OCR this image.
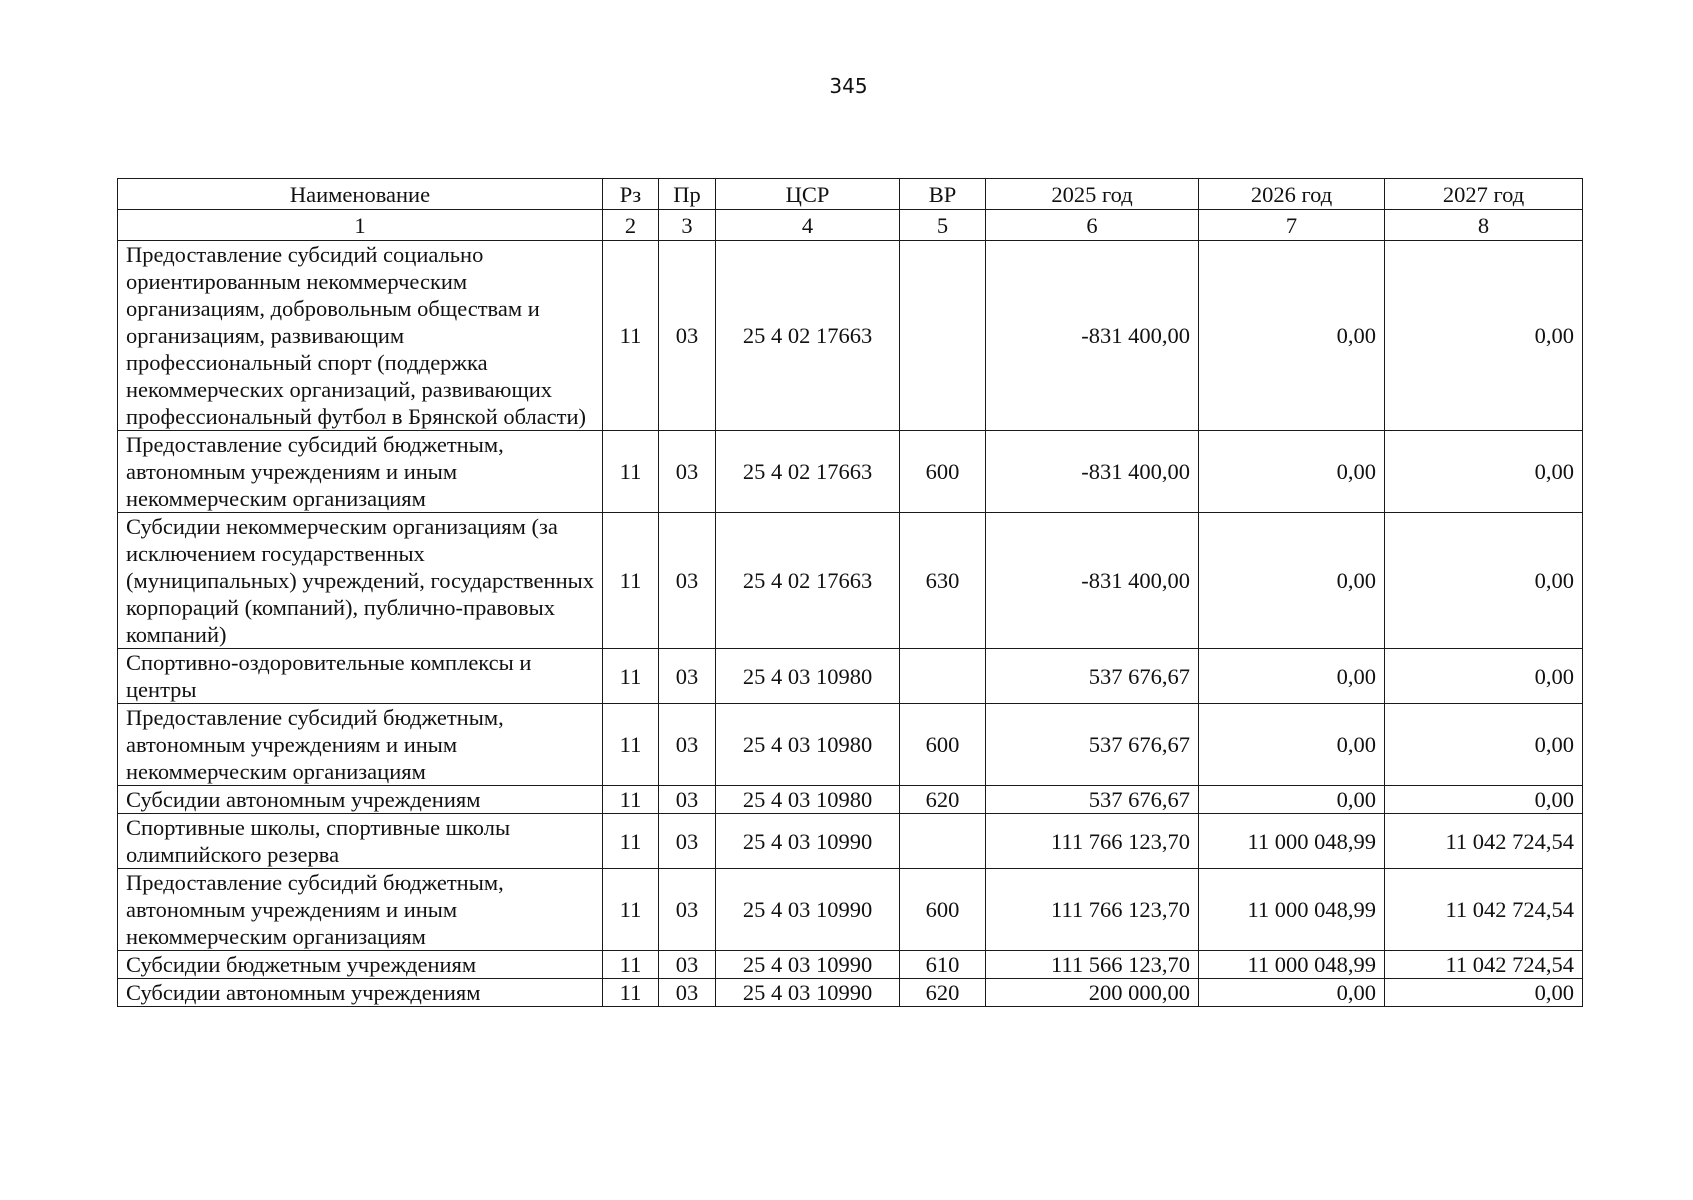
345
Наименование	Рз	Пр	ЦСР	ВР	2025 год	2026 год	2027 год
1	2	3	4	5	6	7	8
Предоставление субсидий социально ориентированным некоммерческим организациям, добровольным обществам и организациям, развивающим профессиональный спорт (поддержка некоммерческих организаций, развивающих профессиональный футбол в Брянской области)	11	03	25 4 02 17663		-831 400,00	0,00	0,00
Предоставление субсидий бюджетным, автономным учреждениям и иным некоммерческим организациям	11	03	25 4 02 17663	600	-831 400,00	0,00	0,00
Субсидии некоммерческим организациям (за исключением государственных (муниципальных) учреждений, государственных корпораций (компаний), публично-правовых компаний)	11	03	25 4 02 17663	630	-831 400,00	0,00	0,00
Спортивно-оздоровительные комплексы и центры	11	03	25 4 03 10980		537 676,67	0,00	0,00
Предоставление субсидий бюджетным, автономным учреждениям и иным некоммерческим организациям	11	03	25 4 03 10980	600	537 676,67	0,00	0,00
Субсидии автономным учреждениям	11	03	25 4 03 10980	620	537 676,67	0,00	0,00
Спортивные школы, спортивные школы олимпийского резерва	11	03	25 4 03 10990		111 766 123,70	11 000 048,99	11 042 724,54
Предоставление субсидий бюджетным, автономным учреждениям и иным некоммерческим организациям	11	03	25 4 03 10990	600	111 766 123,70	11 000 048,99	11 042 724,54
Субсидии бюджетным учреждениям	11	03	25 4 03 10990	610	111 566 123,70	11 000 048,99	11 042 724,54
Субсидии автономным учреждениям	11	03	25 4 03 10990	620	200 000,00	0,00	0,00
